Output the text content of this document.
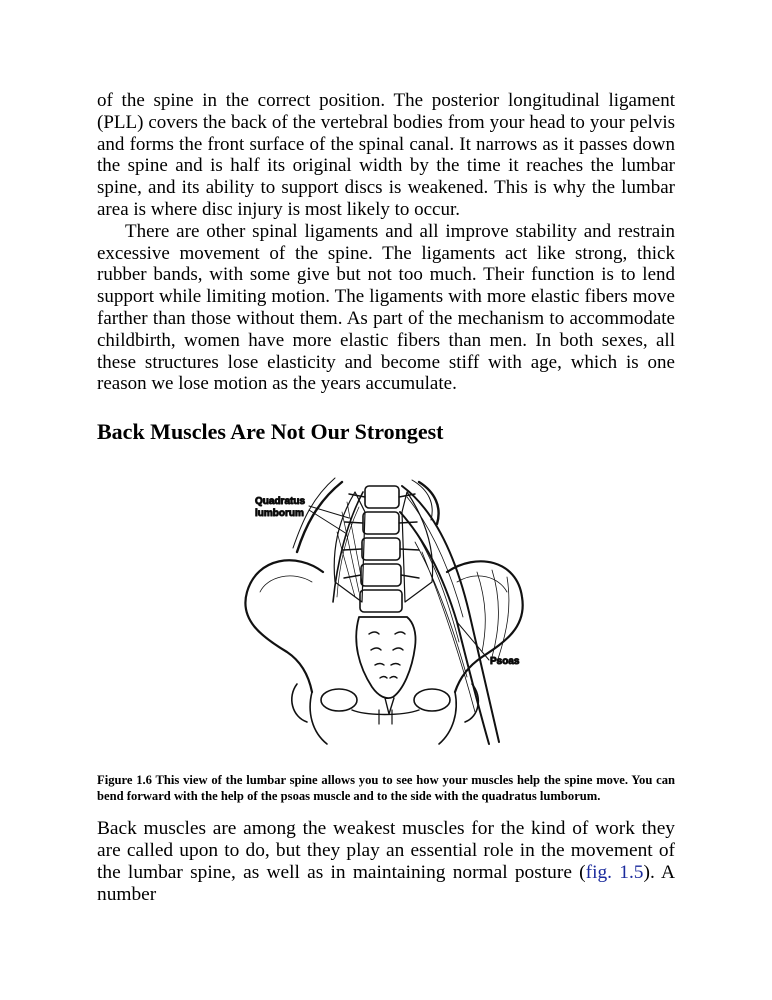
of the spine in the correct position. The posterior longitudinal ligament (PLL) covers the back of the vertebral bodies from your head to your pelvis and forms the front surface of the spinal canal. It narrows as it passes down the spine and is half its original width by the time it reaches the lumbar spine, and its ability to support discs is weakened. This is why the lumbar area is where disc injury is most likely to occur.

There are other spinal ligaments and all improve stability and restrain excessive movement of the spine. The ligaments act like strong, thick rubber bands, with some give but not too much. Their function is to lend support while limiting motion. The ligaments with more elastic fibers move farther than those without them. As part of the mechanism to accommodate childbirth, women have more elastic fibers than men. In both sexes, all these structures lose elasticity and become stiff with age, which is one reason we lose motion as the years accumulate.

Back Muscles Are Not Our Strongest
Quadratus
lumborum
Psoas

Figure 1.6 This view of the lumbar spine allows you to see how your muscles help the spine move. You can bend forward with the help of the psoas muscle and to the side with the quadratus lumborum.

Back muscles are among the weakest muscles for the kind of work they are called upon to do, but they play an essential role in the movement of the lumbar spine, as well as in maintaining normal posture (fig. 1.5). A number
